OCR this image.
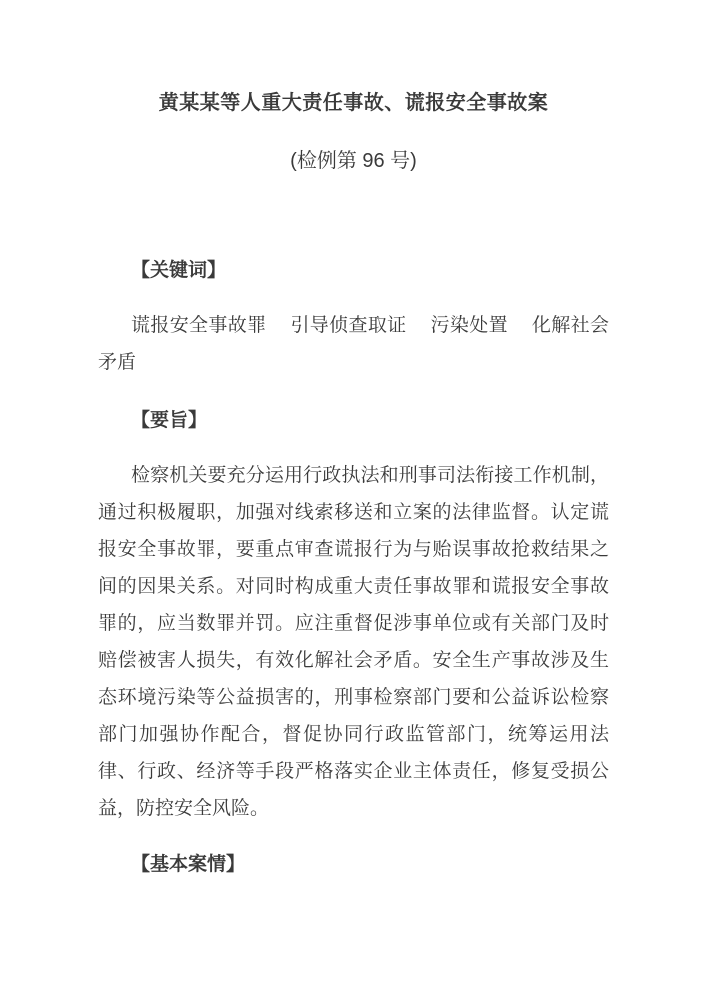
黄某某等人重大责任事故、谎报安全事故案
(检例第 96 号)
【关键词】

谎报安全事故罪 引导侦查取证 污染处置 化解社会矛盾

【要旨】

检察机关要充分运用行政执法和刑事司法衔接工作机制，通过积极履职，加强对线索移送和立案的法律监督。认定谎报安全事故罪，要重点审查谎报行为与贻误事故抢救结果之间的因果关系。对同时构成重大责任事故罪和谎报安全事故罪的，应当数罪并罚。应注重督促涉事单位或有关部门及时赔偿被害人损失，有效化解社会矛盾。安全生产事故涉及生态环境污染等公益损害的，刑事检察部门要和公益诉讼检察部门加强协作配合，督促协同行政监管部门，统筹运用法律、行政、经济等手段严格落实企业主体责任，修复受损公益，防控安全风险。

【基本案情】
